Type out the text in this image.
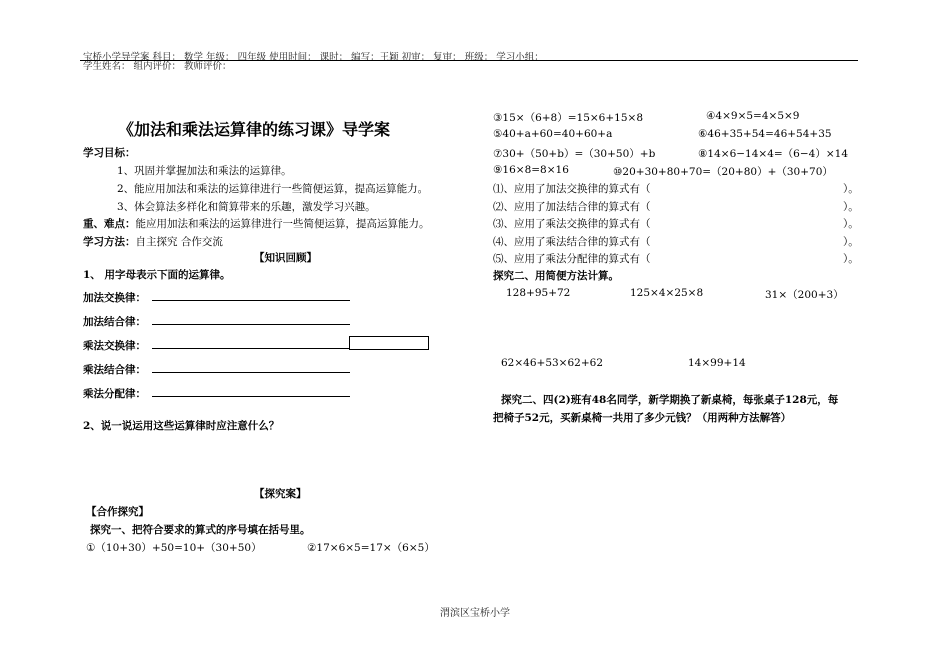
宝桥小学导学案 科目： 数学 年级： 四年级 使用时间： 课时： 编写：王颖 初审： 复审： 班级： 学习小组：
学生姓名： 组内评价： 教师评价：
《加法和乘法运算律的练习课》导学案
学习目标：
1、巩固并掌握加法和乘法的运算律。
2、能应用加法和乘法的运算律进行一些简便运算，提高运算能力。
3、体会算法多样化和简算带来的乐趣，激发学习兴趣。
重、难点：能应用加法和乘法的运算律进行一些简便运算，提高运算能力。
学习方法：自主探究 合作交流
【知识回顾】
1、 用字母表示下面的运算律。
加法交换律：
加法结合律：
乘法交换律：
乘法结合律：
乘法分配律：
2、说一说运用这些运算律时应注意什么？
【探究案】
【合作探究】
探究一、把符合要求的算式的序号填在括号里。
①（10+30）+50=10+（30+50）	②17×6×5=17×（6×5）
③15×（6+8）=15×6+15×8	④4×9×5=4×5×9
⑤40+a+60=40+60+a	⑥46+35+54=46+54+35
⑦30+（50+b）=（30+50）+b	⑧14×6−14×4=（6−4）×14
⑨16×8=8×16	⑩20+30+80+70=（20+80）+（30+70）
⑴、应用了加法交换律的算式有（	）。
⑵、应用了加法结合律的算式有（	）。
⑶、应用了乘法交换律的算式有（	）。
⑷、应用了乘法结合律的算式有（	）。
⑸、应用了乘法分配律的算式有（	）。
探究二、用简便方法计算。
128+95+72	125×4×25×8	31×（200+3）
62×46+53×62+62	14×99+14
探究二、四(2)班有48名同学，新学期换了新桌椅，每张桌子128元，每
把椅子52元，买新桌椅一共用了多少元钱？（用两种方法解答）
渭滨区宝桥小学
